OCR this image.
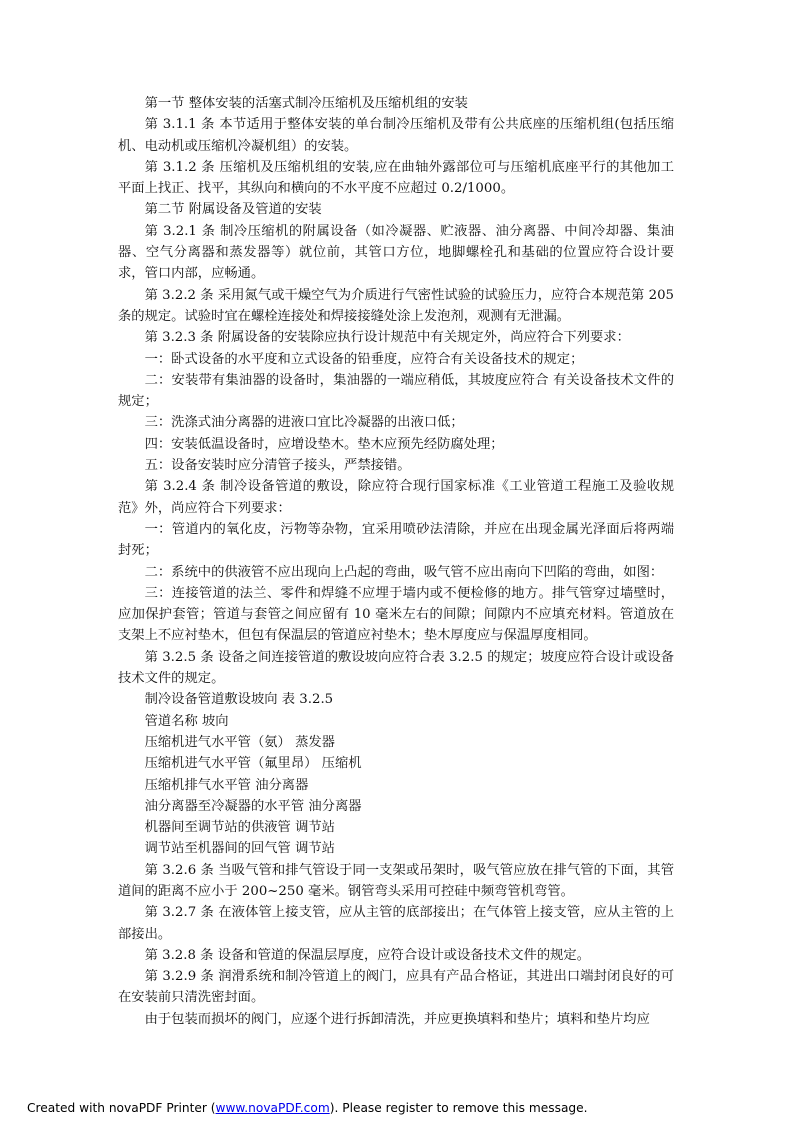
第一节 整体安装的活塞式制冷压缩机及压缩机组的安装

第 3.1.1 条 本节适用于整体安装的单台制冷压缩机及带有公共底座的压缩机组(包括压缩机、电动机或压缩机冷凝机组）的安装。

第 3.1.2 条 压缩机及压缩机组的安装,应在曲轴外露部位可与压缩机底座平行的其他加工平面上找正、找平，其纵向和横向的不水平度不应超过 0.2/1000。

第二节 附属设备及管道的安装

第 3.2.1 条 制冷压缩机的附属设备（如冷凝器、贮液器、油分离器、中间冷却器、集油器、空气分离器和蒸发器等）就位前，其管口方位，地脚螺栓孔和基础的位置应符合设计要求，管口内部，应畅通。

第 3.2.2 条 采用氮气或干燥空气为介质进行气密性试验的试验压力，应符合本规范第 205 条的规定。试验时宜在螺栓连接处和焊接接缝处涂上发泡剂，观测有无泄漏。

第 3.2.3 条 附属设备的安装除应执行设计规范中有关规定外，尚应符合下列要求：

一：卧式设备的水平度和立式设备的铅垂度，应符合有关设备技术的规定；

二：安装带有集油器的设备时，集油器的一端应稍低，其坡度应符合 有关设备技术文件的规定；

三：洗涤式油分离器的进液口宜比冷凝器的出液口低；

四：安装低温设备时，应增设垫木。垫木应预先经防腐处理；

五：设备安装时应分清管子接头，严禁接错。

第 3.2.4 条 制冷设备管道的敷设，除应符合现行国家标准《工业管道工程施工及验收规范》外，尚应符合下列要求：

一：管道内的氧化皮，污物等杂物，宜采用喷砂法清除，并应在出现金属光泽面后将两端封死；

二：系统中的供液管不应出现向上凸起的弯曲，吸气管不应出南向下凹陷的弯曲，如图：

三：连接管道的法兰、零件和焊缝不应埋于墙内或不便检修的地方。排气管穿过墙壁时，应加保护套管；管道与套管之间应留有 10 毫米左右的间隙；间隙内不应填充材料。管道放在支架上不应衬垫木，但包有保温层的管道应衬垫木；垫木厚度应与保温厚度相同。

第 3.2.5 条 设备之间连接管道的敷设坡向应符合表 3.2.5 的规定；坡度应符合设计或设备技术文件的规定。

制冷设备管道敷设坡向 表 3.2.5

管道名称 坡向

压缩机进气水平管（氨） 蒸发器

压缩机进气水平管（氟里昂） 压缩机

压缩机排气水平管 油分离器

油分离器至冷凝器的水平管 油分离器

机器间至调节站的供液管 调节站

调节站至机器间的回气管 调节站

第 3.2.6 条 当吸气管和排气管设于同一支架或吊架时，吸气管应放在排气管的下面，其管道间的距离不应小于 200~250 毫米。钢管弯头采用可控硅中频弯管机弯管。

第 3.2.7 条 在液体管上接支管，应从主管的底部接出；在气体管上接支管，应从主管的上部接出。

第 3.2.8 条 设备和管道的保温层厚度，应符合设计或设备技术文件的规定。

第 3.2.9 条 润滑系统和制冷管道上的阀门，应具有产品合格证，其进出口端封闭良好的可在安装前只清洗密封面。

由于包装而损坏的阀门，应逐个进行拆卸清洗，并应更换填料和垫片；填料和垫片均应

Created with novaPDF Printer (www.novaPDF.com). Please register to remove this message.
